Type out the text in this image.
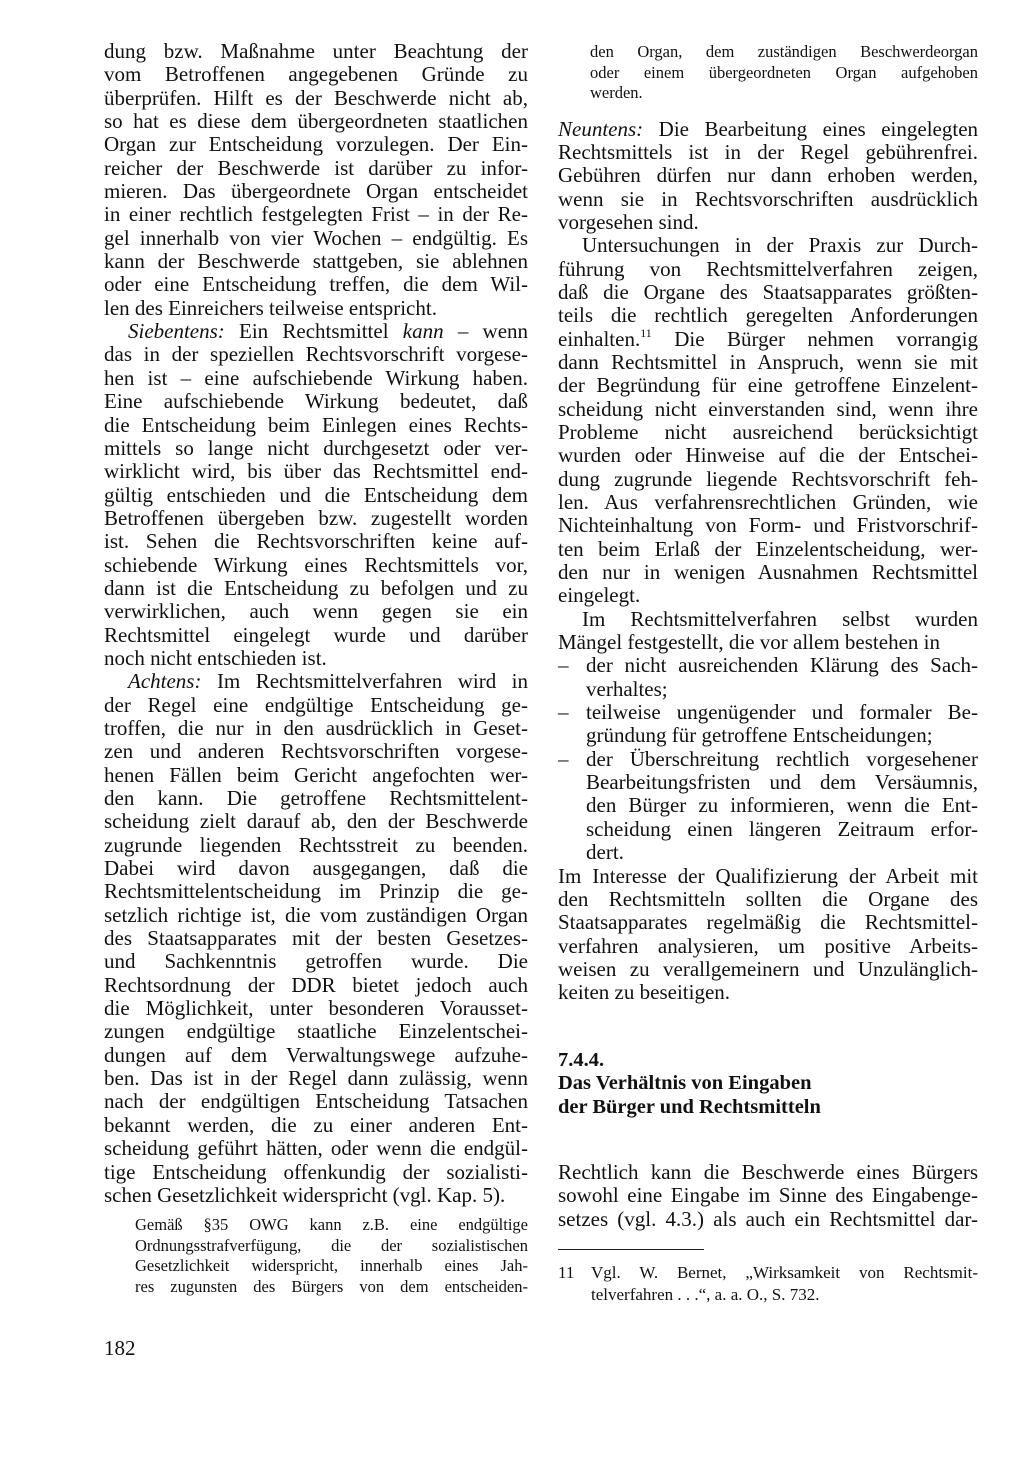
dung bzw. Maßnahme unter Beachtung der
vom Betroffenen angegebenen Gründe zu
überprüfen. Hilft es der Beschwerde nicht ab,
so hat es diese dem übergeordneten staatlichen
Organ zur Entscheidung vorzulegen. Der Ein-
reicher der Beschwerde ist darüber zu infor-
mieren. Das übergeordnete Organ entscheidet
in einer rechtlich festgelegten Frist – in der Re-
gel innerhalb von vier Wochen – endgültig. Es
kann der Beschwerde stattgeben, sie ablehnen
oder eine Entscheidung treffen, die dem Wil-
len des Einreichers teilweise entspricht.
Siebentens: Ein Rechtsmittel kann – wenn
das in der speziellen Rechtsvorschrift vorgese-
hen ist – eine aufschiebende Wirkung haben.
Eine aufschiebende Wirkung bedeutet, daß
die Entscheidung beim Einlegen eines Rechts-
mittels so lange nicht durchgesetzt oder ver-
wirklicht wird, bis über das Rechtsmittel end-
gültig entschieden und die Entscheidung dem
Betroffenen übergeben bzw. zugestellt worden
ist. Sehen die Rechtsvorschriften keine auf-
schiebende Wirkung eines Rechtsmittels vor,
dann ist die Entscheidung zu befolgen und zu
verwirklichen, auch wenn gegen sie ein
Rechtsmittel eingelegt wurde und darüber
noch nicht entschieden ist.
Achtens: Im Rechtsmittelverfahren wird in
der Regel eine endgültige Entscheidung ge-
troffen, die nur in den ausdrücklich in Geset-
zen und anderen Rechtsvorschriften vorgese-
henen Fällen beim Gericht angefochten wer-
den kann. Die getroffene Rechtsmittelent-
scheidung zielt darauf ab, den der Beschwerde
zugrunde liegenden Rechtsstreit zu beenden.
Dabei wird davon ausgegangen, daß die
Rechtsmittelentscheidung im Prinzip die ge-
setzlich richtige ist, die vom zuständigen Organ
des Staatsapparates mit der besten Gesetzes-
und Sachkenntnis getroffen wurde. Die
Rechtsordnung der DDR bietet jedoch auch
die Möglichkeit, unter besonderen Vorausset-
zungen endgültige staatliche Einzelentschei-
dungen auf dem Verwaltungswege aufzuhe-
ben. Das ist in der Regel dann zulässig, wenn
nach der endgültigen Entscheidung Tatsachen
bekannt werden, die zu einer anderen Ent-
scheidung geführt hätten, oder wenn die endgül-
tige Entscheidung offenkundig der sozialisti-
schen Gesetzlichkeit widerspricht (vgl. Kap. 5).
Gemäß §35 OWG kann z.B. eine endgültige
Ordnungsstrafverfügung, die der sozialistischen
Gesetzlichkeit widerspricht, innerhalb eines Jah-
res zugunsten des Bürgers von dem entscheiden-
den Organ, dem zuständigen Beschwerdeorgan
oder einem übergeordneten Organ aufgehoben
werden.
Neuntens: Die Bearbeitung eines eingelegten
Rechtsmittels ist in der Regel gebührenfrei.
Gebühren dürfen nur dann erhoben werden,
wenn sie in Rechtsvorschriften ausdrücklich
vorgesehen sind.
Untersuchungen in der Praxis zur Durch-
führung von Rechtsmittelverfahren zeigen,
daß die Organe des Staatsapparates größten-
teils die rechtlich geregelten Anforderungen
einhalten.$^{11}$ Die Bürger nehmen vorrangig
dann Rechtsmittel in Anspruch, wenn sie mit
der Begründung für eine getroffene Einzelent-
scheidung nicht einverstanden sind, wenn ihre
Probleme nicht ausreichend berücksichtigt
wurden oder Hinweise auf die der Entschei-
dung zugrunde liegende Rechtsvorschrift feh-
len. Aus verfahrensrechtlichen Gründen, wie
Nichteinhaltung von Form- und Fristvorschrif-
ten beim Erlaß der Einzelentscheidung, wer-
den nur in wenigen Ausnahmen Rechtsmittel
eingelegt.
Im Rechtsmittelverfahren selbst wurden
Mängel festgestellt, die vor allem bestehen in
– der nicht ausreichenden Klärung des Sach-
verhaltes;
– teilweise ungenügender und formaler Be-
gründung für getroffene Entscheidungen;
– der Überschreitung rechtlich vorgesehener
Bearbeitungsfristen und dem Versäumnis,
den Bürger zu informieren, wenn die Ent-
scheidung einen längeren Zeitraum erfor-
dert.
Im Interesse der Qualifizierung der Arbeit mit
den Rechtsmitteln sollten die Organe des
Staatsapparates regelmäßig die Rechtsmittel-
verfahren analysieren, um positive Arbeits-
weisen zu verallgemeinern und Unzulänglich-
keiten zu beseitigen.
7.4.4.
Das Verhältnis von Eingaben
der Bürger und Rechtsmitteln
Rechtlich kann die Beschwerde eines Bürgers
sowohl eine Eingabe im Sinne des Eingabenge-
setzes (vgl. 4.3.) als auch ein Rechtsmittel dar-
11 Vgl. W. Bernet, „Wirksamkeit von Rechtsmit-
telverfahren . . .“, a. a. O., S. 732.
182
